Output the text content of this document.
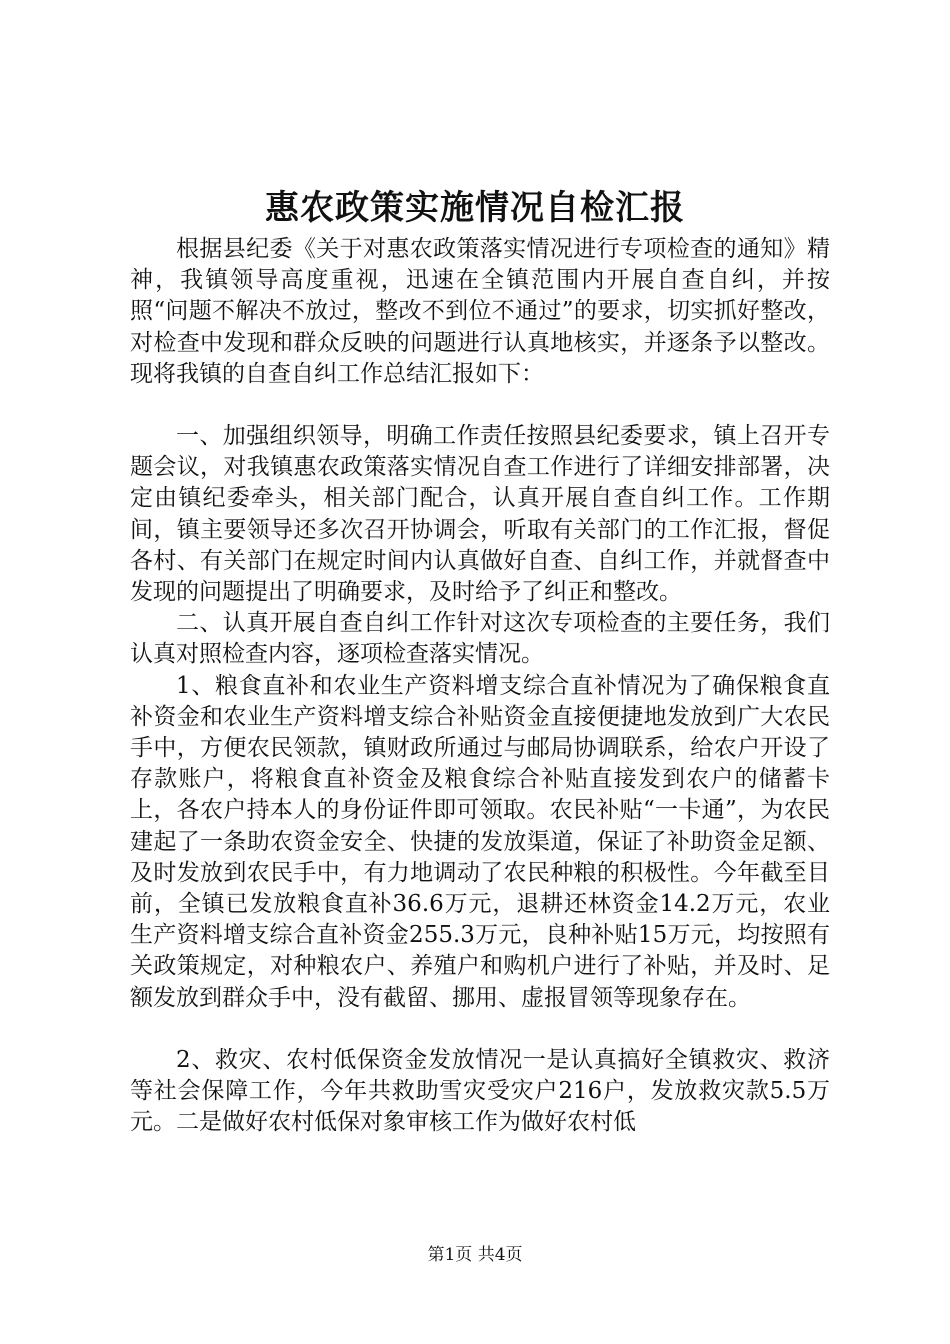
惠农政策实施情况自检汇报

根据县纪委《关于对惠农政策落实情况进行专项检查的通知》精神，我镇领导高度重视，迅速在全镇范围内开展自查自纠，并按照“问题不解决不放过，整改不到位不通过”的要求，切实抓好整改，对检查中发现和群众反映的问题进行认真地核实，并逐条予以整改。现将我镇的自查自纠工作总结汇报如下：

一、加强组织领导，明确工作责任按照县纪委要求，镇上召开专题会议，对我镇惠农政策落实情况自查工作进行了详细安排部署，决定由镇纪委牵头，相关部门配合，认真开展自查自纠工作。工作期间，镇主要领导还多次召开协调会，听取有关部门的工作汇报，督促各村、有关部门在规定时间内认真做好自查、自纠工作，并就督查中发现的问题提出了明确要求，及时给予了纠正和整改。

二、认真开展自查自纠工作针对这次专项检查的主要任务，我们认真对照检查内容，逐项检查落实情况。

1、粮食直补和农业生产资料增支综合直补情况为了确保粮食直补资金和农业生产资料增支综合补贴资金直接便捷地发放到广大农民手中，方便农民领款，镇财政所通过与邮局协调联系，给农户开设了存款账户，将粮食直补资金及粮食综合补贴直接发到农户的储蓄卡上，各农户持本人的身份证件即可领取。农民补贴“一卡通”，为农民建起了一条助农资金安全、快捷的发放渠道，保证了补助资金足额、及时发放到农民手中，有力地调动了农民种粮的积极性。今年截至目前，全镇已发放粮食直补36.6万元，退耕还林资金14.2万元，农业生产资料增支综合直补资金255.3万元，良种补贴15万元，均按照有关政策规定，对种粮农户、养殖户和购机户进行了补贴，并及时、足额发放到群众手中，没有截留、挪用、虚报冒领等现象存在。

2、救灾、农村低保资金发放情况一是认真搞好全镇救灾、救济等社会保障工作，今年共救助雪灾受灾户216户，发放救灾款5.5万元。二是做好农村低保对象审核工作为做好农村低

第1页 共4页
